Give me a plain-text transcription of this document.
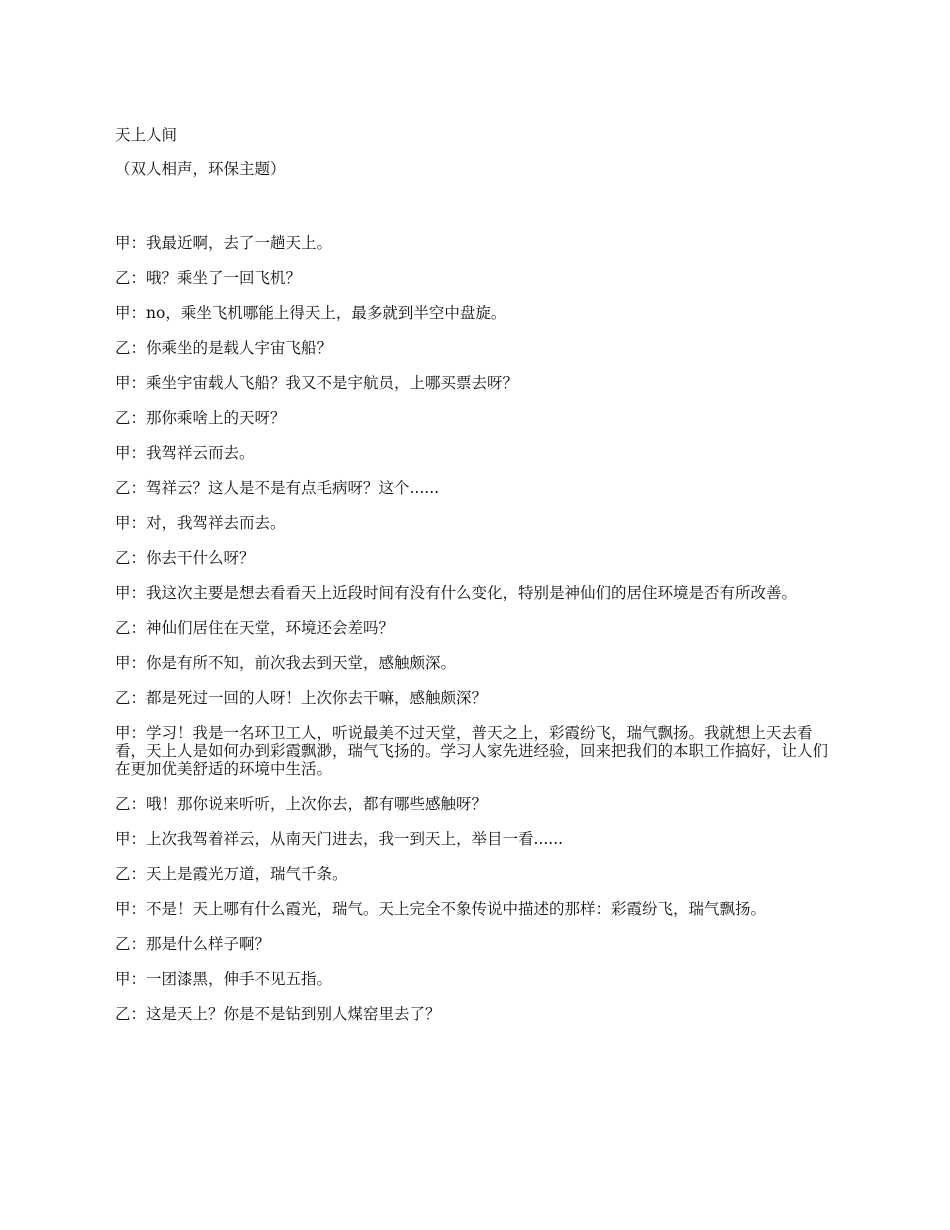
天上人间

（双人相声，环保主题）

甲：我最近啊，去了一趟天上。

乙：哦？乘坐了一回飞机？

甲：no，乘坐飞机哪能上得天上，最多就到半空中盘旋。

乙：你乘坐的是载人宇宙飞船？

甲：乘坐宇宙载人飞船？我又不是宇航员，上哪买票去呀？

乙：那你乘啥上的天呀？

甲：我驾祥云而去。

乙：驾祥云？这人是不是有点毛病呀？这个......

甲：对，我驾祥去而去。

乙：你去干什么呀？

甲：我这次主要是想去看看天上近段时间有没有什么变化，特别是神仙们的居住环境是否有所改善。

乙：神仙们居住在天堂，环境还会差吗？

甲：你是有所不知，前次我去到天堂，感触颇深。

乙：都是死过一回的人呀！上次你去干嘛，感触颇深？

甲：学习！我是一名环卫工人，听说最美不过天堂，普天之上，彩霞纷飞，瑞气飘扬。我就想上天去看看，天上人是如何办到彩霞飘渺，瑞气飞扬的。学习人家先进经验，回来把我们的本职工作搞好，让人们在更加优美舒适的环境中生活。

乙：哦！那你说来听听，上次你去，都有哪些感触呀？

甲：上次我驾着祥云，从南天门进去，我一到天上，举目一看......

乙：天上是霞光万道，瑞气千条。

甲：不是！天上哪有什么霞光，瑞气。天上完全不象传说中描述的那样：彩霞纷飞，瑞气飘扬。

乙：那是什么样子啊？

甲：一团漆黑，伸手不见五指。

乙：这是天上？你是不是钻到别人煤窑里去了？
